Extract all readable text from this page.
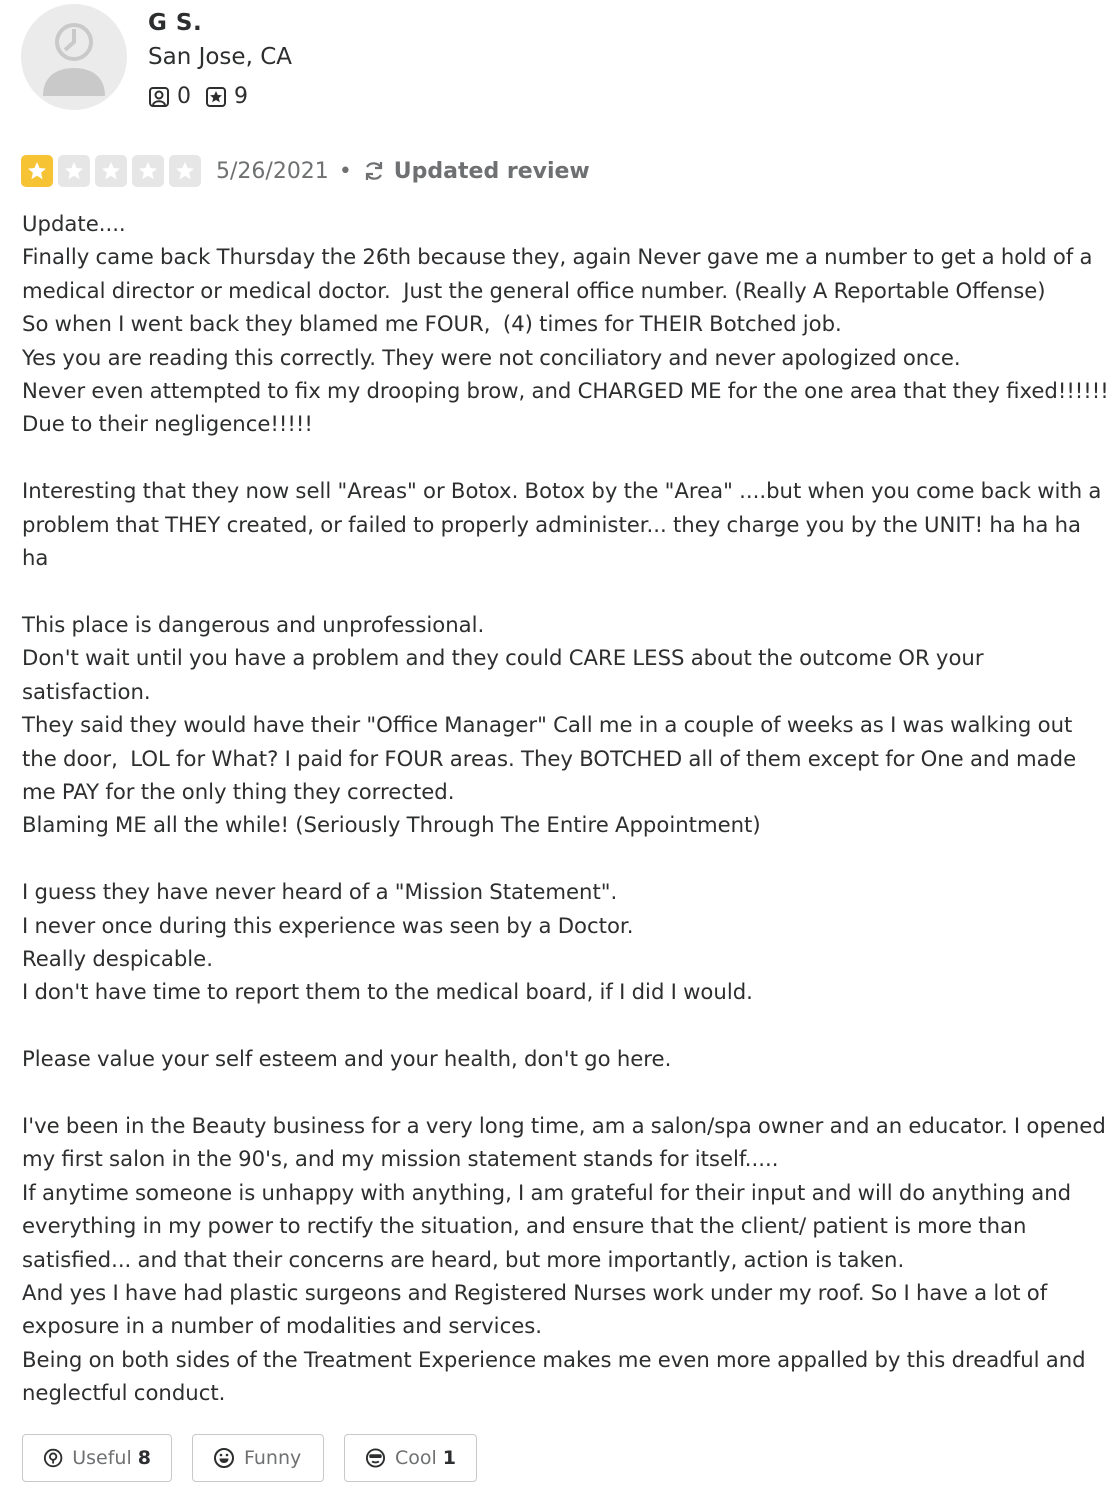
G S.
San Jose, CA
0 9
5/26/2021 • Updated review
Update....
Finally came back Thursday the 26th because they, again Never gave me a number to get a hold of a medical director or medical doctor.  Just the general office number. (Really A Reportable Offense)
So when I went back they blamed me FOUR,  (4) times for THEIR Botched job.
Yes you are reading this correctly. They were not conciliatory and never apologized once.
Never even attempted to fix my drooping brow, and CHARGED ME for the one area that they fixed!!!!!! Due to their negligence!!!!!

Interesting that they now sell "Areas" or Botox. Botox by the "Area" ....but when you come back with a problem that THEY created, or failed to properly administer... they charge you by the UNIT! ha ha ha ha

This place is dangerous and unprofessional.
Don't wait until you have a problem and they could CARE LESS about the outcome OR your satisfaction.
They said they would have their "Office Manager" Call me in a couple of weeks as I was walking out the door,  LOL for What? I paid for FOUR areas. They BOTCHED all of them except for One and made me PAY for the only thing they corrected.
Blaming ME all the while! (Seriously Through The Entire Appointment)

I guess they have never heard of a "Mission Statement".
I never once during this experience was seen by a Doctor.
Really despicable.
I don't have time to report them to the medical board, if I did I would.

Please value your self esteem and your health, don't go here.

I've been in the Beauty business for a very long time, am a salon/spa owner and an educator. I opened my first salon in the 90's, and my mission statement stands for itself.....
If anytime someone is unhappy with anything, I am grateful for their input and will do anything and everything in my power to rectify the situation, and ensure that the client/ patient is more than satisfied... and that their concerns are heard, but more importantly, action is taken.
And yes I have had plastic surgeons and Registered Nurses work under my roof. So I have a lot of exposure in a number of modalities and services.
Being on both sides of the Treatment Experience makes me even more appalled by this dreadful and neglectful conduct.
Useful 8	Funny	Cool 1
